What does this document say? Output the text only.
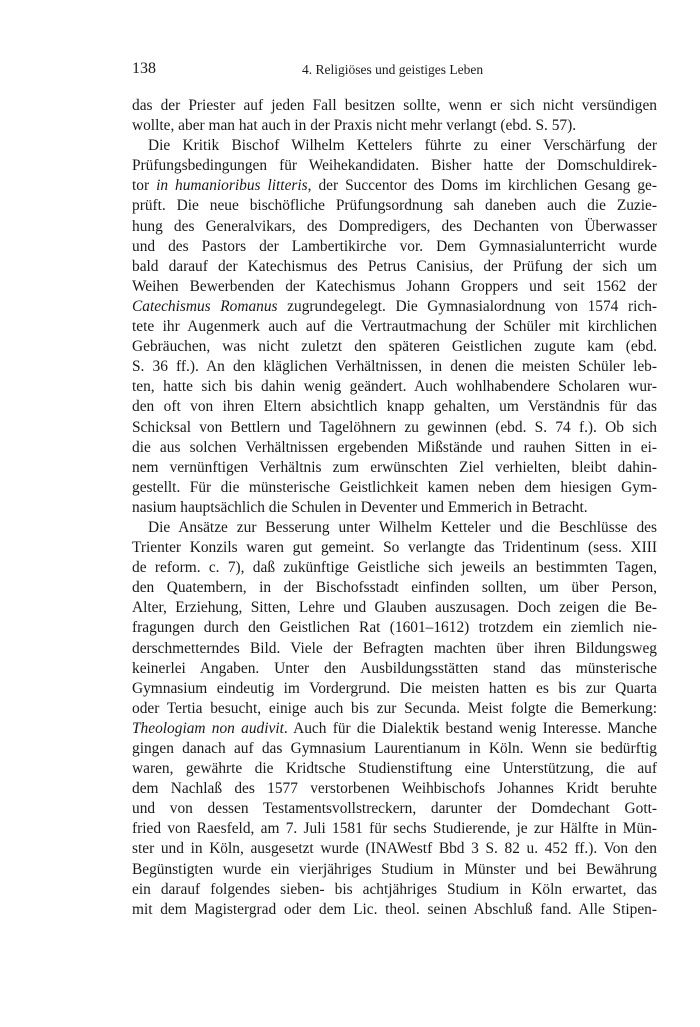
138	4. Religiöses und geistiges Leben
das der Priester auf jeden Fall besitzen sollte, wenn er sich nicht versündigen
wollte, aber man hat auch in der Praxis nicht mehr verlangt (ebd. S. 57).
Die Kritik Bischof Wilhelm Kettelers führte zu einer Verschärfung der
Prüfungsbedingungen für Weihekandidaten. Bisher hatte der Domschuldirek-
tor in humanioribus litteris, der Succentor des Doms im kirchlichen Gesang ge-
prüft. Die neue bischöfliche Prüfungsordnung sah daneben auch die Zuzie-
hung des Generalvikars, des Dompredigers, des Dechanten von Überwasser
und des Pastors der Lambertikirche vor. Dem Gymnasialunterricht wurde
bald darauf der Katechismus des Petrus Canisius, der Prüfung der sich um
Weihen Bewerbenden der Katechismus Johann Groppers und seit 1562 der
Catechismus Romanus zugrundegelegt. Die Gymnasialordnung von 1574 rich-
tete ihr Augenmerk auch auf die Vertrautmachung der Schüler mit kirchlichen
Gebräuchen, was nicht zuletzt den späteren Geistlichen zugute kam (ebd.
S. 36 ff.). An den kläglichen Verhältnissen, in denen die meisten Schüler leb-
ten, hatte sich bis dahin wenig geändert. Auch wohlhabendere Scholaren wur-
den oft von ihren Eltern absichtlich knapp gehalten, um Verständnis für das
Schicksal von Bettlern und Tagelöhnern zu gewinnen (ebd. S. 74 f.). Ob sich
die aus solchen Verhältnissen ergebenden Mißstände und rauhen Sitten in ei-
nem vernünftigen Verhältnis zum erwünschten Ziel verhielten, bleibt dahin-
gestellt. Für die münsterische Geistlichkeit kamen neben dem hiesigen Gym-
nasium hauptsächlich die Schulen in Deventer und Emmerich in Betracht.
Die Ansätze zur Besserung unter Wilhelm Ketteler und die Beschlüsse des
Trienter Konzils waren gut gemeint. So verlangte das Tridentinum (sess. XIII
de reform. c. 7), daß zukünftige Geistliche sich jeweils an bestimmten Tagen,
den Quatembern, in der Bischofsstadt einfinden sollten, um über Person,
Alter, Erziehung, Sitten, Lehre und Glauben auszusagen. Doch zeigen die Be-
fragungen durch den Geistlichen Rat (1601–1612) trotzdem ein ziemlich nie-
derschmetterndes Bild. Viele der Befragten machten über ihren Bildungsweg
keinerlei Angaben. Unter den Ausbildungsstätten stand das münsterische
Gymnasium eindeutig im Vordergrund. Die meisten hatten es bis zur Quarta
oder Tertia besucht, einige auch bis zur Secunda. Meist folgte die Bemerkung:
Theologiam non audivit. Auch für die Dialektik bestand wenig Interesse. Manche
gingen danach auf das Gymnasium Laurentianum in Köln. Wenn sie bedürftig
waren, gewährte die Kridtsche Studienstiftung eine Unterstützung, die auf
dem Nachlaß des 1577 verstorbenen Weihbischofs Johannes Kridt beruhte
und von dessen Testamentsvollstreckern, darunter der Domdechant Gott-
fried von Raesfeld, am 7. Juli 1581 für sechs Studierende, je zur Hälfte in Mün-
ster und in Köln, ausgesetzt wurde (INAWestf Bbd 3 S. 82 u. 452 ff.). Von den
Begünstigten wurde ein vierjähriges Studium in Münster und bei Bewährung
ein darauf folgendes sieben- bis achtjähriges Studium in Köln erwartet, das
mit dem Magistergrad oder dem Lic. theol. seinen Abschluß fand. Alle Stipen-
